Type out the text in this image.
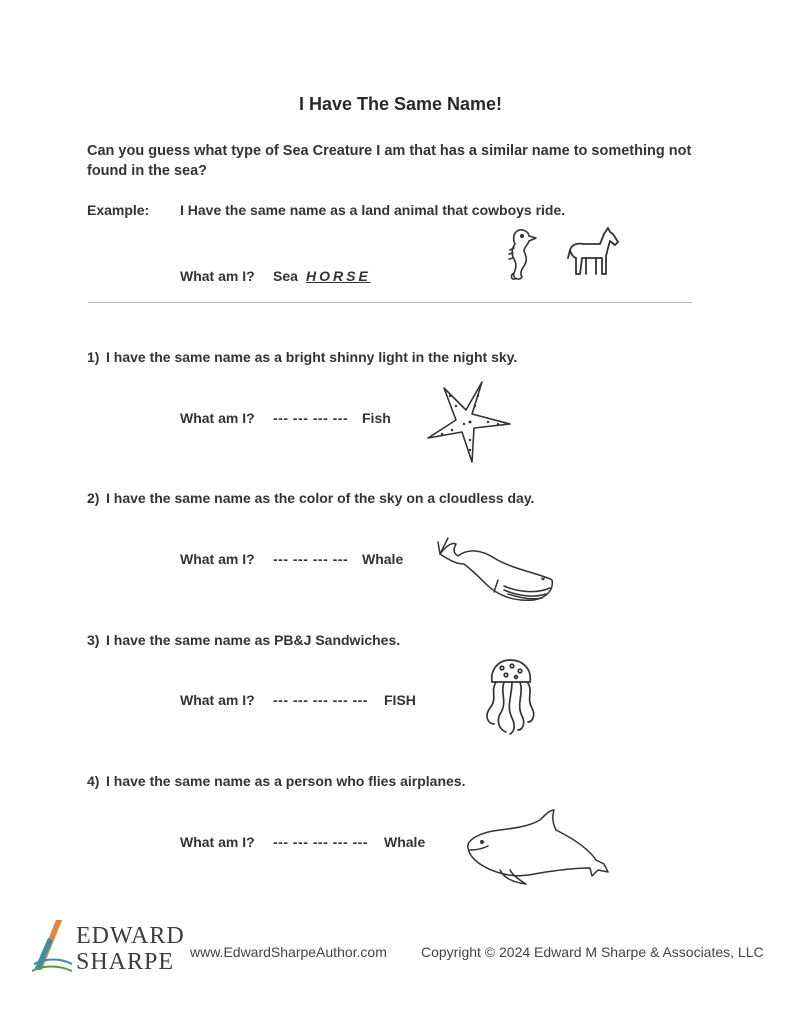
I Have The Same Name!
Can you guess what type of Sea Creature I am that has a similar name to something not found in the sea?
Example: I Have the same name as a land animal that cowboys ride.
What am I? Sea HORSE
1) I have the same name as a bright shinny light in the night sky.
What am I? --- --- --- --- Fish
2) I have the same name as the color of the sky on a cloudless day.
What am I? --- --- --- --- Whale
3) I have the same name as PB&J Sandwiches.
What am I? --- --- --- --- --- FISH
4) I have the same name as a person who flies airplanes.
What am I? --- --- --- --- --- Whale
EDWARD
SHARPE www.EdwardSharpeAuthor.com Copyright © 2024 Edward M Sharpe & Associates, LLC
